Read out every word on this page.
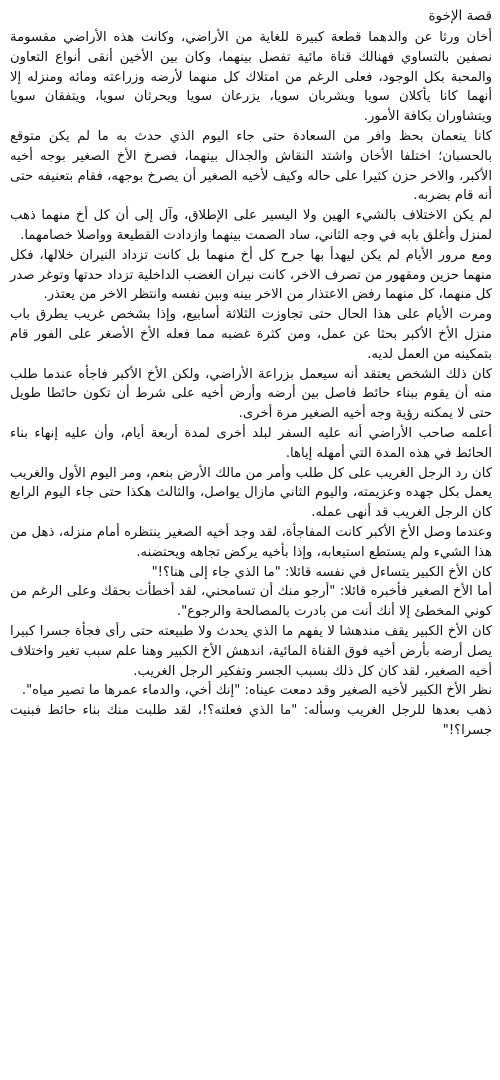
قصة الإخوة

أخان ورثا عن والدهما قطعة كبيرة للغاية من الأراضي، وكانت هذه الأراضي مقسومة نصفين بالتساوي فهنالك قناة مائية تفصل بينهما، وكان بين الأخين أنقى أنواع التعاون والمحبة بكل الوجود، فعلى الرغم من امتلاك كل منهما لأرضه وزراعته ومائه ومنزله إلا أنهما كانا يأكلان سويا ويشربان سويا، يزرعان سويا ويحرثان سويا، ويتفقان سويا ويتشاوران بكافة الأمور.

كانا ينعمان بحظ وافر من السعادة حتى جاء اليوم الذي حدث به ما لم يكن متوقع بالحسبان؛ اختلفا الأخان واشتد النقاش والجدال بينهما، فصرخ الأخ الصغير بوجه أخيه الأكبر، والاخر حزن كثيرا على حاله وكيف لأخيه الصغير أن يصرخ بوجهه، فقام بتعنيفه حتى أنه قام بضربه.

لم يكن الاختلاف بالشيء الهين ولا اليسير على الإطلاق، وآل إلى أن كل أخ منهما ذهب لمنزل وأغلق بابه في وجه الثاني، ساد الصمت بينهما وازدادت القطيعة وواصلا خصامهما.

ومع مرور الأيام لم يكن ليهدأ بها جرح كل أخ منهما بل كانت تزداد النيران خلالها، فكل منهما حزين ومقهور من تصرف الاخر، كانت نيران الغضب الداخلية تزداد حدتها وتوغر صدر كل منهما، كل منهما رفض الاعتذار من الاخر بينه وبين نفسه وانتظر الاخر من يعتذر.

ومرت الأيام على هذا الحال حتى تجاوزت الثلاثة أسابيع، وإذا بشخص غريب يطرق باب منزل الأخ الأكبر بحثا عن عمل، ومن كثرة غضبه مما فعله الأخ الأصغر على الفور قام بتمكينه من العمل لديه.

كان ذلك الشخص يعتقد أنه سيعمل بزراعة الأراضي، ولكن الأخ الأكبر فاجأه عندما طلب منه أن يقوم ببناء حائط فاصل بين أرضه وأرض أخيه على شرط أن تكون حائطا طويل حتى لا يمكنه رؤية وجه أخيه الصغير مرة أخرى.

أعلمه صاحب الأراضي أنه عليه السفر لبلد أخرى لمدة أربعة أيام، وأن عليه إنهاء بناء الحائط في هذه المدة التي أمهله إياها.

كان رد الرجل الغريب على كل طلب وأمر من مالك الأرض بنعم، ومر اليوم الأول والغريب يعمل بكل جهده وعزيمته، واليوم الثاني مازال يواصل، والثالث هكذا حتى جاء اليوم الرابع كان الرجل الغريب قد أنهى عمله.

وعندما وصل الأخ الأكبر كانت المفاجأة، لقد وجد أخيه الصغير ينتظره أمام منزله، ذهل من هذا الشيء ولم يستطع استيعابه، وإذا بأخيه يركض تجاهه ويحتضنه.

كان الأخ الكبير يتساءل في نفسه قائلا: "ما الذي جاء إلى هنا؟!"

أما الأخ الصغير فأخبره قائلا: "أرجو منك أن تسامحني، لقد أخطأت بحقك وعلى الرغم من كوني المخطئ إلا أنك أنت من بادرت بالمصالحة والرجوع".

كان الأخ الكبير يقف مندهشا لا يفهم ما الذي يحدث ولا طبيعته حتى رأى فجأة جسرا كبيرا يصل أرضه بأرض أخيه فوق القناة المائية، اندهش الأخ الكبير وهنا علم سبب تغير واختلاف أخيه الصغير، لقد كان كل ذلك بسبب الجسر وتفكير الرجل الغريب.

نظر الأخ الكبير لأخيه الصغير وقد دمعت عيناه: "إنك أخي، والدماء عمرها ما تصير مياه".

ذهب بعدها للرجل الغريب وسأله: "ما الذي فعلته؟!، لقد طلبت منك بناء حائط فبنيت جسرا؟!"
